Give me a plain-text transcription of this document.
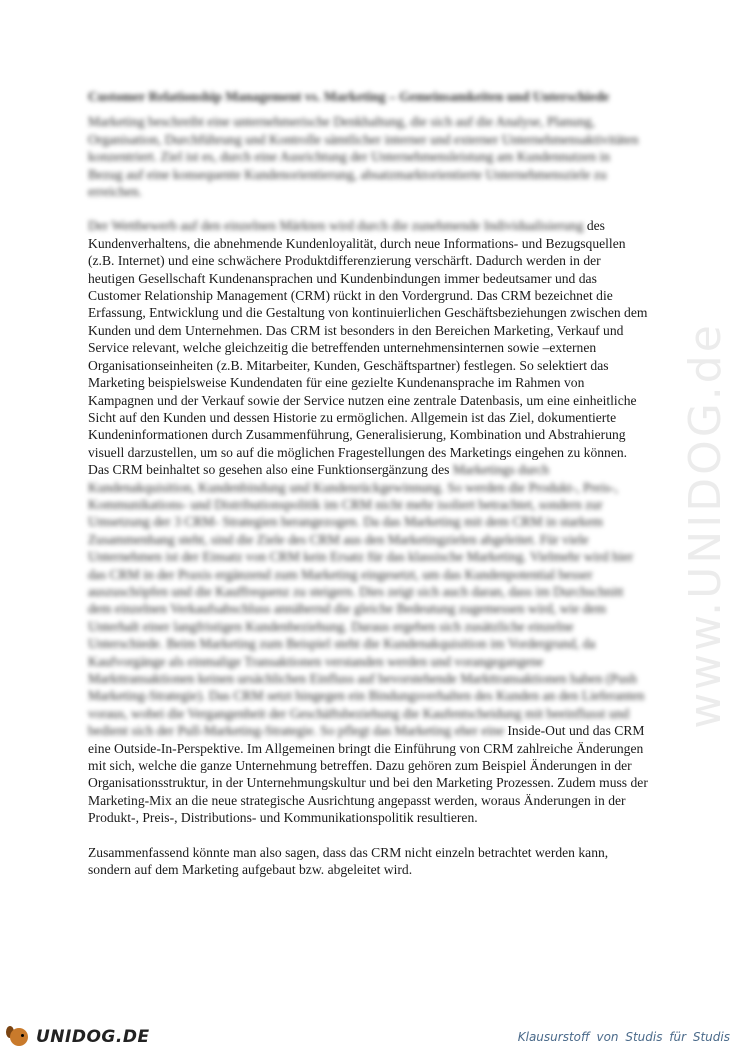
www.UNIDOG.de
Customer Relationship Management vs. Marketing – Gemeinsamkeiten und Unterschiede

Marketing beschreibt eine unternehmerische Denkhaltung, die sich auf die Analyse, Planung, Organisation, Durchführung und Kontrolle sämtlicher interner und externer Unternehmensaktivitäten konzentriert. Ziel ist es, durch eine Ausrichtung der Unternehmensleistung am Kundennutzen in Bezug auf eine konsequente Kundenorientierung, absatzmarktorientierte Unternehmensziele zu erreichen.

Der Wettbewerb auf den einzelnen Märkten wird durch die zunehmende Individualisierung des Kundenverhaltens, die abnehmende Kundenloyalität, durch neue Informations- und Bezugsquellen (z.B. Internet) und eine schwächere Produktdifferenzierung verschärft. Dadurch werden in der heutigen Gesellschaft Kundenansprachen und Kundenbindungen immer bedeutsamer und das Customer Relationship Management (CRM) rückt in den Vordergrund. Das CRM bezeichnet die Erfassung, Entwicklung und die Gestaltung von kontinuierlichen Geschäftsbeziehungen zwischen dem Kunden und dem Unternehmen. Das CRM ist besonders in den Bereichen Marketing, Verkauf und Service relevant, welche gleichzeitig die betreffenden unternehmensinternen sowie –externen Organisationseinheiten (z.B. Mitarbeiter, Kunden, Geschäftspartner) festlegen. So selektiert das Marketing beispielsweise Kundendaten für eine gezielte Kundenansprache im Rahmen von Kampagnen und der Verkauf sowie der Service nutzen eine zentrale Datenbasis, um eine einheitliche Sicht auf den Kunden und dessen Historie zu ermöglichen. Allgemein ist das Ziel, dokumentierte Kundeninformationen durch Zusammenführung, Generalisierung, Kombination und Abstrahierung visuell darzustellen, um so auf die möglichen Fragestellungen des Marketings eingehen zu können. Das CRM beinhaltet so gesehen also eine Funktionsergänzung des Marketings durch Kundenakquisition, Kundenbindung und Kundenrückgewinnung. So werden die Produkt-, Preis-, Kommunikations- und Distributionspolitik im CRM nicht mehr isoliert betrachtet, sondern zur Umsetzung der 3 CRM- Strategien herangezogen. Da das Marketing mit dem CRM in starkem Zusammenhang steht, sind die Ziele des CRM aus den Marketingzielen abgeleitet. Für viele Unternehmen ist der Einsatz von CRM kein Ersatz für das klassische Marketing. Vielmehr wird hier das CRM in der Praxis ergänzend zum Marketing eingesetzt, um das Kundenpotential besser auszuschöpfen und die Kauffrequenz zu steigern. Dies zeigt sich auch daran, dass im Durchschnitt dem einzelnen Verkaufsabschluss annähernd die gleiche Bedeutung zugemessen wird, wie dem Unterhalt einer langfristigen Kundenbeziehung. Daraus ergeben sich zusätzliche einzelne Unterschiede. Beim Marketing zum Beispiel steht die Kundenakquisition im Vordergrund, da Kaufvorgänge als einmalige Transaktionen verstanden werden und vorangegangene Markttransaktionen keinen ursächlichen Einfluss auf bevorstehende Markttransaktionen haben (Push Marketing-Strategie). Das CRM setzt hingegen ein Bindungsverhalten des Kunden an den Lieferanten voraus, wobei die Vergangenheit der Geschäftsbeziehung die Kaufentscheidung mit beeinflusst und bedient sich der Pull-Marketing-Strategie. So pflegt das Marketing eher eine Inside-Out und das CRM eine Outside-In-Perspektive. Im Allgemeinen bringt die Einführung von CRM zahlreiche Änderungen mit sich, welche die ganze Unternehmung betreffen. Dazu gehören zum Beispiel Änderungen in der Organisationsstruktur, in der Unternehmungskultur und bei den Marketing Prozessen. Zudem muss der Marketing-Mix an die neue strategische Ausrichtung angepasst werden, woraus Änderungen in der Produkt-, Preis-, Distributions- und Kommunikationspolitik resultieren.

Zusammenfassend könnte man also sagen, dass das CRM nicht einzeln betrachtet werden kann, sondern auf dem Marketing aufgebaut bzw. abgeleitet wird.

UNIDOG.DE	Klausurstoff von Studis für Studis
